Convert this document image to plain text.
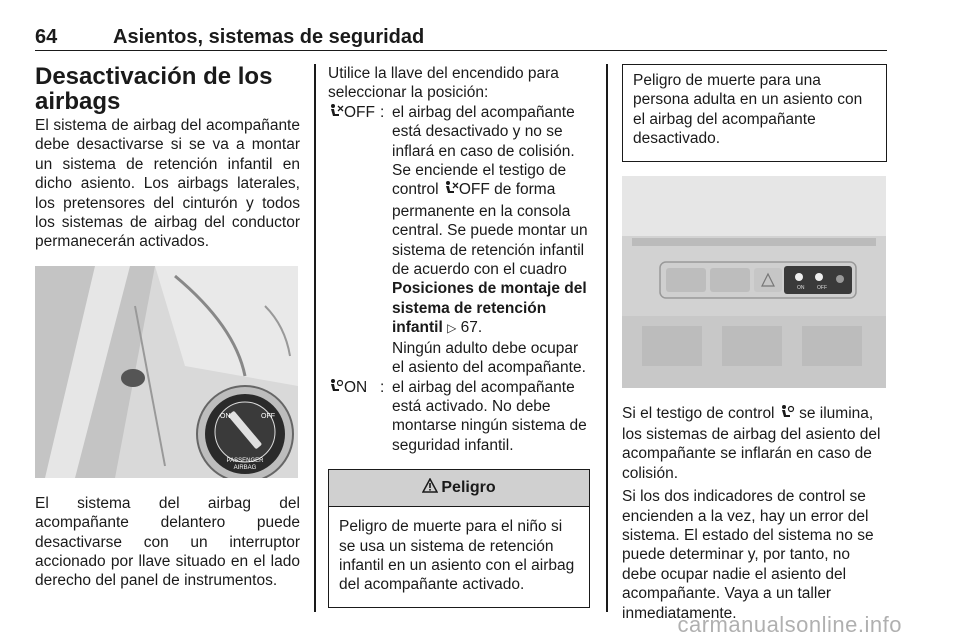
64	Asientos, sistemas de seguridad
Desactivación de los airbags

El sistema de airbag del acompañante debe desactivarse si se va a montar un sistema de retención infantil en dicho asiento. Los airbags laterales, los pretensores del cinturón y todos los sistemas de airbag del conductor permanecerán activados.

ON	OFF
PASSENGER
AIRBAG

El sistema del airbag del acompañante delantero puede desactivarse con un interruptor accionado por llave situado en el lado derecho del panel de instrumentos.

Utilice la llave del encendido para seleccionar la posición:

OFF : el airbag del acompañante está desactivado y no se inflará en caso de colisión. Se enciende el testigo de control OFF de forma permanente en la consola central. Se puede montar un sistema de retención infantil de acuerdo con el cuadro Posiciones de montaje del sistema de retención infantil ▷ 67.
Ningún adulto debe ocupar el asiento del acompañante.
ON : el airbag del acompañante está activado. No debe montarse ningún sistema de seguridad infantil.
Peligro
Peligro de muerte para el niño si se usa un sistema de retención infantil en un asiento con el airbag del acompañante activado.
Peligro de muerte para una persona adulta en un asiento con el airbag del acompañante desactivado.
ON	OFF

Si el testigo de control  se ilumina, los sistemas de airbag del asiento del acompañante se inflarán en caso de colisión.

Si los dos indicadores de control se encienden a la vez, hay un error del sistema. El estado del sistema no se puede determinar y, por tanto, no debe ocupar nadie el asiento del acompañante. Vaya a un taller inmediatamente.

carmanualsonline.info
